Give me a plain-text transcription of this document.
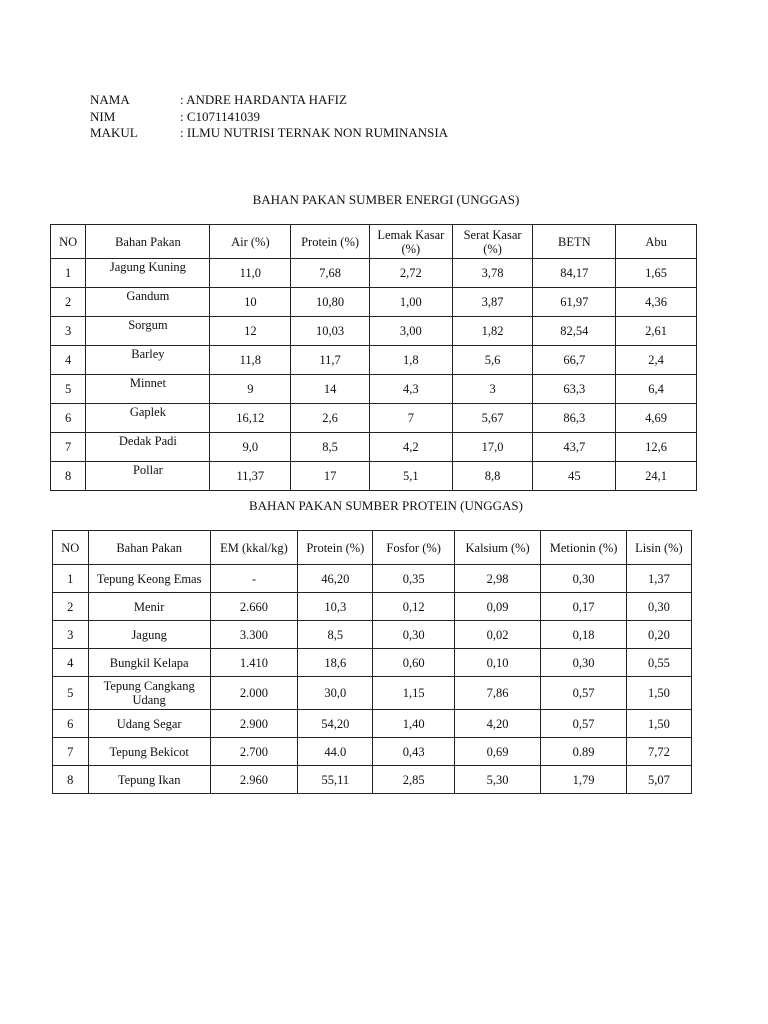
NAMA	: ANDRE HARDANTA HAFIZ
NIM	: C1071141039
MAKUL	: ILMU NUTRISI TERNAK NON RUMINANSIA
BAHAN PAKAN SUMBER ENERGI (UNGGAS)
NO	Bahan Pakan	Air (%)	Protein (%)	Lemak Kasar (%)	Serat Kasar (%)	BETN	Abu
1	Jagung Kuning	11,0	7,68	2,72	3,78	84,17	1,65
2	Gandum	10	10,80	1,00	3,87	61,97	4,36
3	Sorgum	12	10,03	3,00	1,82	82,54	2,61
4	Barley	11,8	11,7	1,8	5,6	66,7	2,4
5	Minnet	9	14	4,3	3	63,3	6,4
6	Gaplek	16,12	2,6	7	5,67	86,3	4,69
7	Dedak Padi	9,0	8,5	4,2	17,0	43,7	12,6
8	Pollar	11,37	17	5,1	8,8	45	24,1
BAHAN PAKAN SUMBER PROTEIN (UNGGAS)
NO	Bahan Pakan	EM (kkal/kg)	Protein (%)	Fosfor (%)	Kalsium (%)	Metionin (%)	Lisin (%)
1	Tepung Keong Emas	-	46,20	0,35	2,98	0,30	1,37
2	Menir	2.660	10,3	0,12	0,09	0,17	0,30
3	Jagung	3.300	8,5	0,30	0,02	0,18	0,20
4	Bungkil Kelapa	1.410	18,6	0,60	0,10	0,30	0,55
5	Tepung Cangkang Udang	2.000	30,0	1,15	7,86	0,57	1,50
6	Udang Segar	2.900	54,20	1,40	4,20	0,57	1,50
7	Tepung Bekicot	2.700	44.0	0,43	0,69	0.89	7,72
8	Tepung Ikan	2.960	55,11	2,85	5,30	1,79	5,07
